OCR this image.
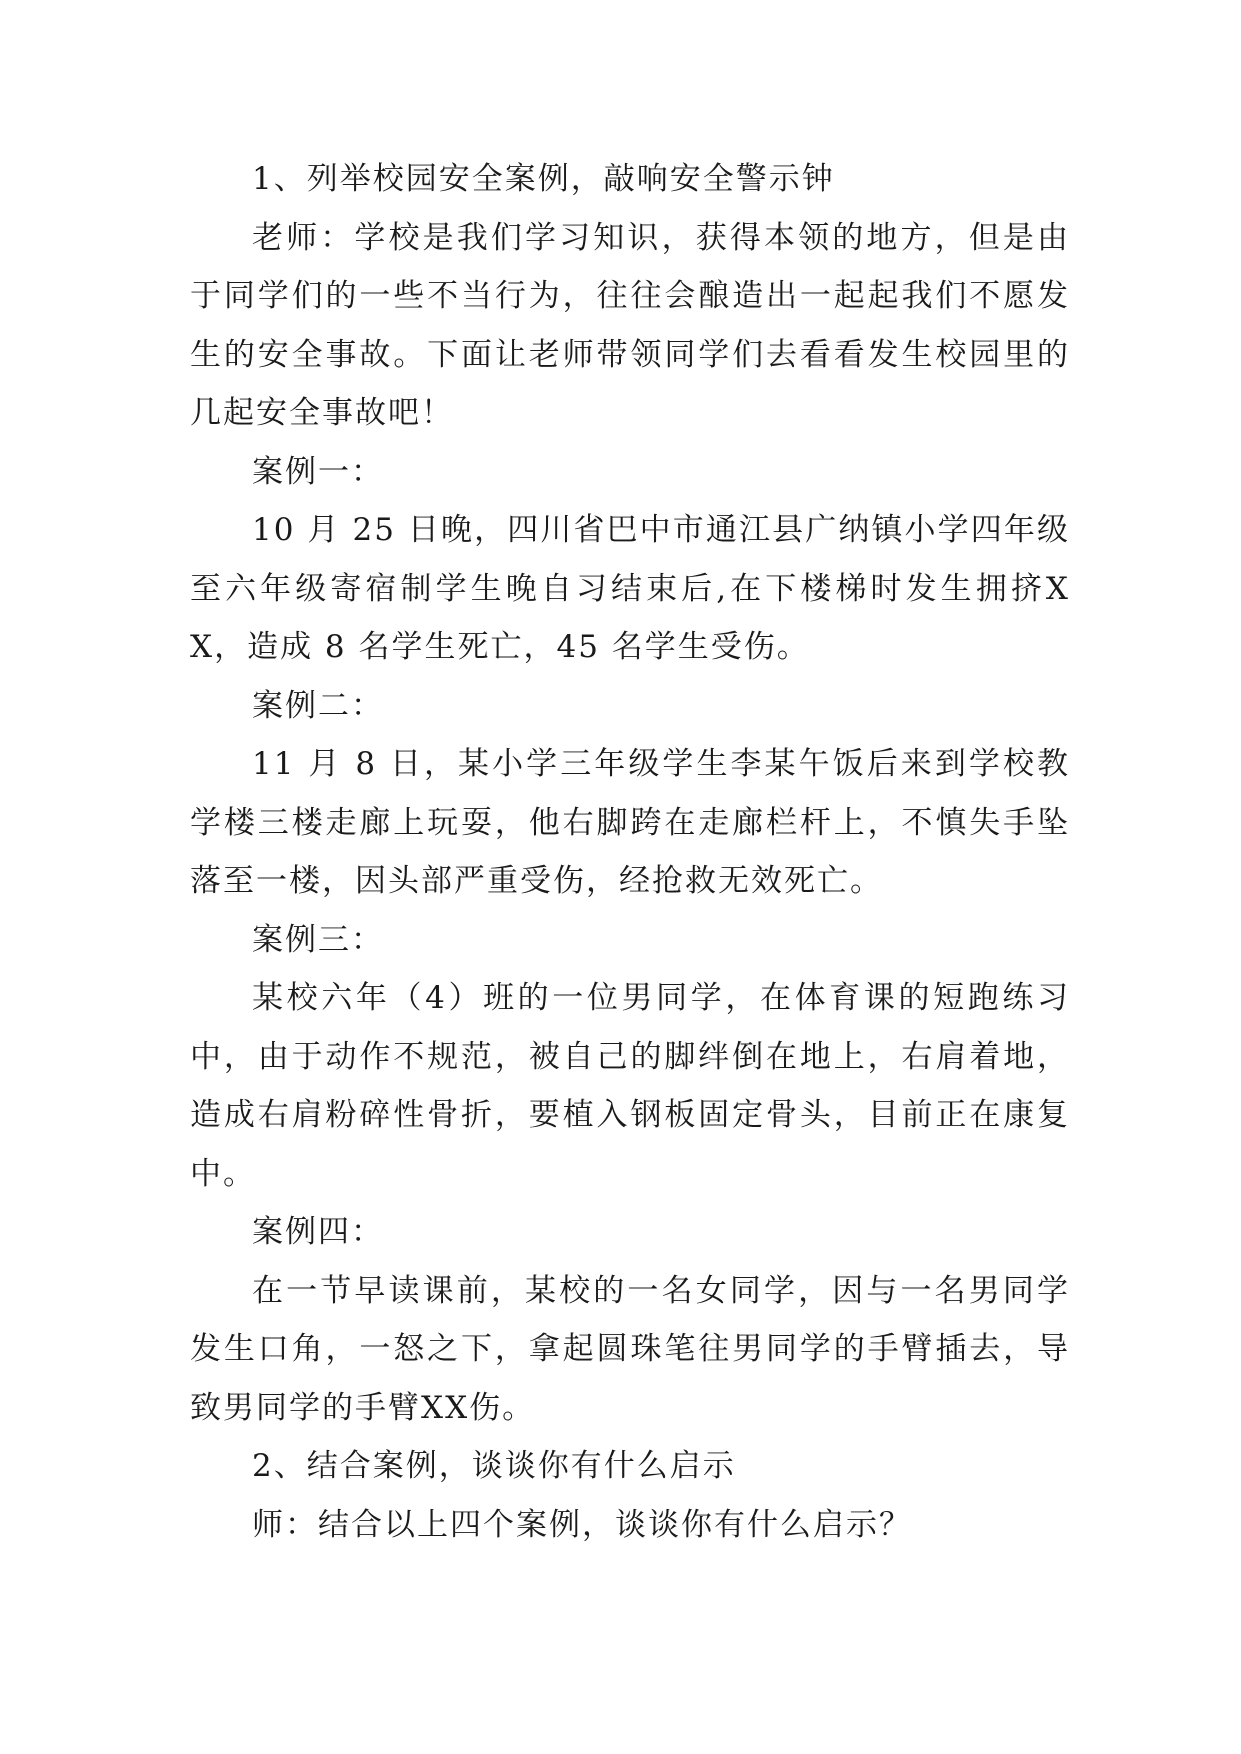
1、列举校园安全案例，敲响安全警示钟

老师：学校是我们学习知识，获得本领的地方，但是由于同学们的一些不当行为，往往会酿造出一起起我们不愿发生的安全事故。下面让老师带领同学们去看看发生校园里的几起安全事故吧！

案例一：

10 月 25 日晚，四川省巴中市通江县广纳镇小学四年级至六年级寄宿制学生晚自习结束后,在下楼梯时发生拥挤XX，造成 8 名学生死亡，45 名学生受伤。

案例二：

11 月 8 日，某小学三年级学生李某午饭后来到学校教学楼三楼走廊上玩耍，他右脚跨在走廊栏杆上，不慎失手坠落至一楼，因头部严重受伤，经抢救无效死亡。

案例三：

某校六年（4）班的一位男同学，在体育课的短跑练习中，由于动作不规范，被自己的脚绊倒在地上，右肩着地，造成右肩粉碎性骨折，要植入钢板固定骨头，目前正在康复中。

案例四：

在一节早读课前，某校的一名女同学，因与一名男同学发生口角，一怒之下，拿起圆珠笔往男同学的手臂插去，导致男同学的手臂XX伤。

2、结合案例，谈谈你有什么启示

师：结合以上四个案例，谈谈你有什么启示？
